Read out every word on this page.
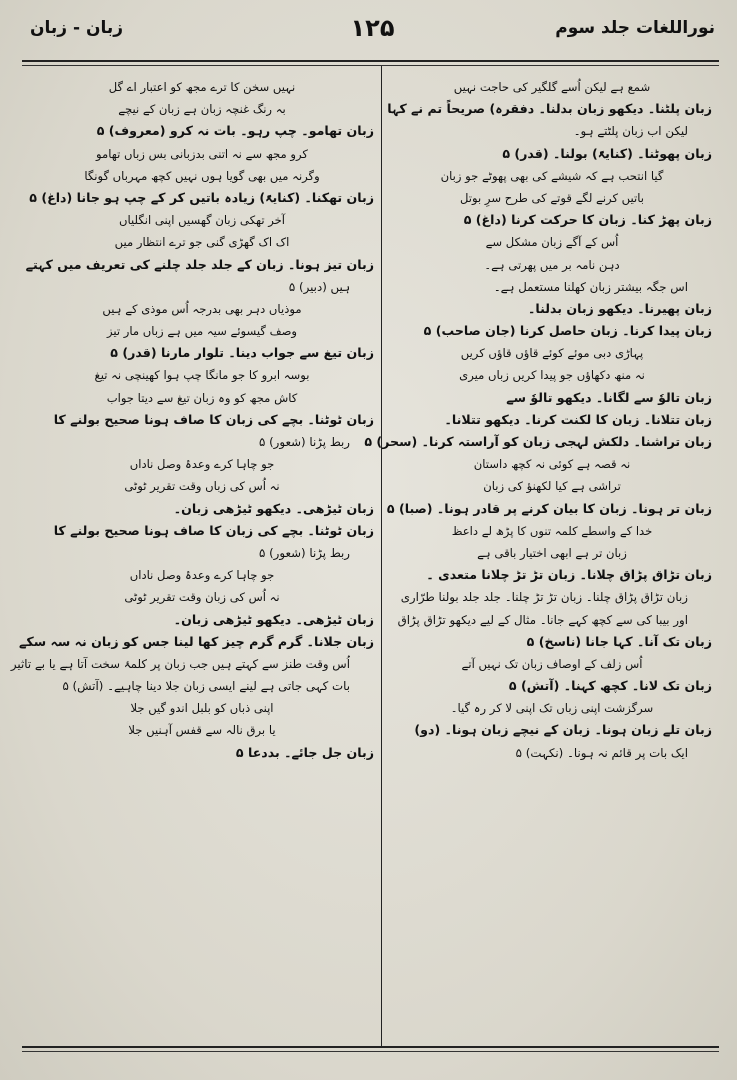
نوراللغات جلد سوم
۱۲۵
زبان - زبان
شمع ہے لیکن اُسے گلگیر کی حاجت نہیں
زبان پلٹنا۔ دیکھو زبان بدلنا۔ دفقرہ) صریحاً تم نے کہا
لیکن اب زبان پلٹتے ہو۔
زبان پھوٹنا۔ (کنایۃً) بولنا۔ (قدر) ۵
گیا انتحب ہے کہ شیشے کی بھی پھوٹے جو زبان
باتیں کرنے لگے قوتے کی طرح سرِ بوتل
زبان پھڑ کنا۔ زبان کا حرکت کرنا (داغ) ۵
اُس کے آگے زبان مشکل سے
دہن نامہ بر میں پھرتی ہے۔
اس جگہ بیشتر زبان کھلنا مستعمل ہے۔
زبان پھیرنا۔ دیکھو زبان بدلنا۔
زبان پیدا کرنا۔ زبان حاصل کرنا (جان صاحب) ۵
پہاڑی دبی موئے کوئے قاؤں قاؤں کریں
نہ منھ دکھاؤں جو پیدا کریں زباں میری
زبان تالوٗ سے لگانا۔ دیکھو تالوٗ سے
زبان تتلانا۔ زبان کا لکنت کرنا۔ دیکھو تتلانا۔
زبان تراشنا۔ دلکش لہجی زبان کو آراستہ کرنا۔ (سحر) ۵
نہ قصہ ہے کوئی نہ کچھ داستان
تراشی ہے کیا لکھنؤ کی زبان
زبان تر ہونا۔ زبان کا بیان کرنے پر قادر ہونا۔ (صبا) ۵
خدا کے واسطے کلمہ تنوں کا پڑھ لے داعظ
زبان تر ہے ابھی اختیار باقی ہے
زبان تڑاق پڑاق چلانا۔ زبان تڑ تڑ چلانا متعدی ۔
زبان تڑاق پڑاق چلنا۔ زبان تڑ تڑ چلنا۔ جلد جلد بولنا طرّاری
اور بیبا کی سے کچھ کہے جانا۔ مثال کے لیے دیکھو تڑاق پڑاق
زبان تک آنا۔ کہا جانا (ناسخ) ۵
اُس زلف کے اوصاف زبان تک نہیں آتے
زبان تک لانا۔ کچھ کہنا۔ (آتش) ۵
سرگزشت اپنی زباں تک اپنی لا کر رہ گیا۔
زبان تلے زبان ہونا۔ زبان کے نیچے زبان ہونا۔ (دو)
ایک بات پر قائم نہ ہونا۔ (نکہت) ۵
نہیں سخن کا ترے مجھ کو اعتبار اے گل
بہ رنگ غنچہ زبان ہے زبان کے نیچے
زبان تھامو۔ چپ رہو۔ بات نہ کرو (معروف) ۵
کرو مجھ سے نہ اتنی بدزبانی بس زباں تھامو
وگرنہ میں بھی گویا ہوں نہیں کچھ مہرباں گونگا
زبان تھکنا۔ (کنایۃً) زیادہ باتیں کر کے چپ ہو جانا (داغ) ۵
آخر تھکی زبان گھسیں اپنی انگلیاں
اک اک گھڑی گنی جو ترے انتظار میں
زبان تیز ہونا۔ زبان کے جلد جلد چلنے کی تعریف میں کہتے
ہیں (دبیر) ۵
موذیاں دہر بھی بدرجہ اُس موذی کے ہیں
وصف گیسوئے سیہ میں ہے زباں مار تیز
زبان تیغ سے جواب دینا۔ تلوار مارنا (قدر) ۵
بوسہ ابرو کا جو مانگا چپ ہوا کھینچی نہ تیغ
کاش مجھ کو وہ زبان تیغ سے دیتا جواب
زبان ٹوٹنا۔ بچے کی زبان کا صاف ہونا صحیح بولنے کا
ربط پڑنا (شعور) ۵
جو چاہا کرے وعدۂ وصل ناداں
نہ اُس کی زباں وقت تقریر ٹوٹی
زبان ٹیڑھی۔ دیکھو ٹیڑھی زبان۔
زبان ٹوٹنا۔ بچے کی زبان کا صاف ہونا صحیح بولنے کا
ربط پڑنا (شعور) ۵
جو چاہا کرے وعدۂ وصل ناداں
نہ اُس کی زبان وقت تقریر ٹوٹی
زبان ٹیڑھی۔ دیکھو ٹیڑھی زبان۔
زبان جلانا۔ گرم گرم چیز کھا لینا جس کو زبان نہ سہ سکے
اُس وقت طنز سے کہتے ہیں جب زبان پر کلمۂ سخت آتا ہے یا بے تاثیر
بات کہی جاتی ہے لینے ایسی زبان جلا دینا چاہیے۔ (آتش) ۵
اپنی ذباں کو بلبل اندو گیں جلا
یا برق نالہ سے قفس آہنیں جلا
زبان جل جائے۔ بددعا ۵
